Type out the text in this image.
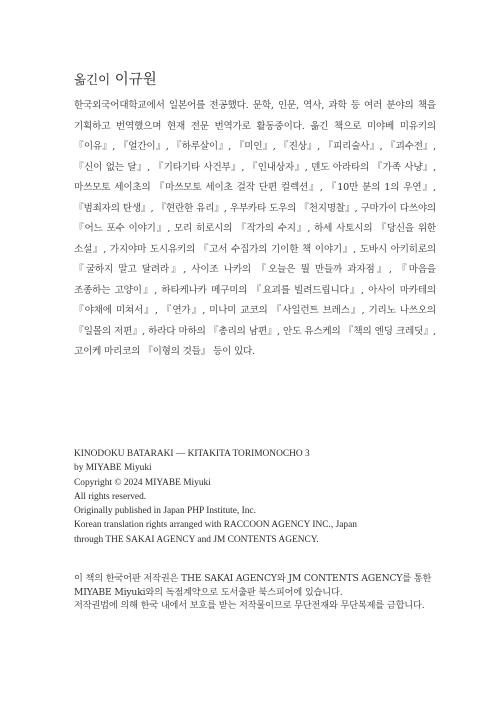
옮긴이 이규원

한국외국어대학교에서 일본어를 전공했다. 문학, 인문, 역사, 과학 등 여러 분야의 책을 기획하고 번역했으며 현재 전문 번역가로 활동중이다. 옮긴 책으로 미야베 미유키의 『이유』, 『얼간이』, 『하루살이』, 『미인』, 『진상』, 『피리술사』, 『괴수전』, 『신이 없는 달』, 『기타기타 사건부』, 『인내상자』, 덴도 아라타의 『가족 사냥』, 마쓰모토 세이초의 『마쓰모토 세이초 걸작 단편 컬렉션』, 『10만 분의 1의 우연』, 『범죄자의 탄생』, 『현란한 유리』, 우부카타 도우의 『천지명찰』, 구마가이 다쓰야의 『어느 포수 이야기』, 모리 히로시의 『작가의 수지』, 하세 사토시의 『당신을 위한 소설』, 가지야마 도시유키의 『고서 수집가의 기이한 책 이야기』, 도바시 아키히로의 『굴하지 말고 달려라』, 사이조 나카의 『오늘은 뭘 만들까 과자점』, 『마음을 조종하는 고양이』, 하타케나카 메구미의 『요괴를 빌려드립니다』, 아사이 마카테의 『야채에 미쳐서』, 『연가』, 미나미 교코의 『사일런트 브레스』, 기리노 나쓰오의 『일몰의 저편』, 하라다 마하의 『총리의 남편』, 안도 유스케의 『책의 엔딩 크레딧』, 고이케 마리코의 『이형의 것들』 등이 있다.

KINODOKU BATARAKI — KITAKITA TORIMONOCHO 3
by MIYABE Miyuki
Copyright © 2024 MIYABE Miyuki
All rights reserved.
Originally published in Japan PHP Institute, Inc.
Korean translation rights arranged with RACCOON AGENCY INC., Japan
through THE SAKAI AGENCY and JM CONTENTS AGENCY.

이 책의 한국어판 저작권은 THE SAKAI AGENCY와 JM CONTENTS AGENCY를 통한 MIYABE Miyuki와의 독점계약으로 도서출판 북스피어에 있습니다.

저작권법에 의해 한국 내에서 보호를 받는 저작물이므로 무단전재와 무단복제를 금합니다.
